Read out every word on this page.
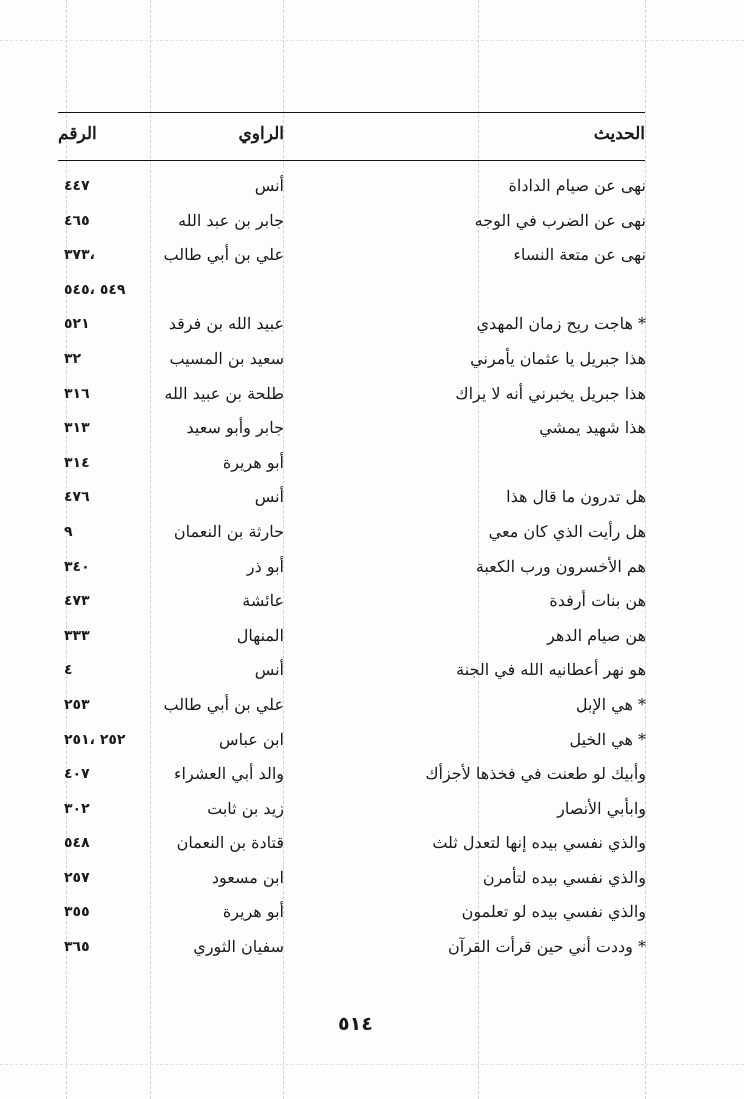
الحديث
الراوي
الرقم
نهى عن صيام الداداة
أنس
٤٤٧
نهى عن الضرب في الوجه
جابر بن عبد الله
٤٦٥
نهى عن متعة النساء
علي بن أبي طالب
٣٧٣،
٥٤٩ ،٥٤٥
* هاجت ريح زمان المهدي
عبيد الله بن فرقد
٥٢١
هذا جبريل يا عثمان يأمرني
سعيد بن المسيب
٣٢
هذا جبريل يخبرني أنه لا يراك
طلحة بن عبيد الله
٣١٦
هذا شهيد يمشي
جابر وأبو سعيد
٣١٣
أبو هريرة
٣١٤
هل تدرون ما قال هذا
أنس
٤٧٦
هل رأيت الذي كان معي
حارثة بن النعمان
٩
هم الأخسرون ورب الكعبة
أبو ذر
٣٤٠
هن بنات أرفدة
عائشة
٤٧٣
هن صيام الدهر
المنهال
٣٣٣
هو نهر أعطانيه الله في الجنة
أنس
٤
* هي الإبل
علي بن أبي طالب
٢٥٣
* هي الخيل
ابن عباس
٢٥٢ ،٢٥١
وأبيك لو طعنت في فخذها لأجزأك
والد أبي العشراء
٤٠٧
وابأبي الأنصار
زيد بن ثابت
٣٠٢
والذي نفسي بيده إنها لتعدل ثلث
قتادة بن النعمان
٥٤٨
والذي نفسي بيده لتأمرن
ابن مسعود
٢٥٧
والذي نفسي بيده لو تعلمون
أبو هريرة
٣٥٥
* وددت أني حين قرأت القرآن
سفيان الثوري
٣٦٥
٥١٤
